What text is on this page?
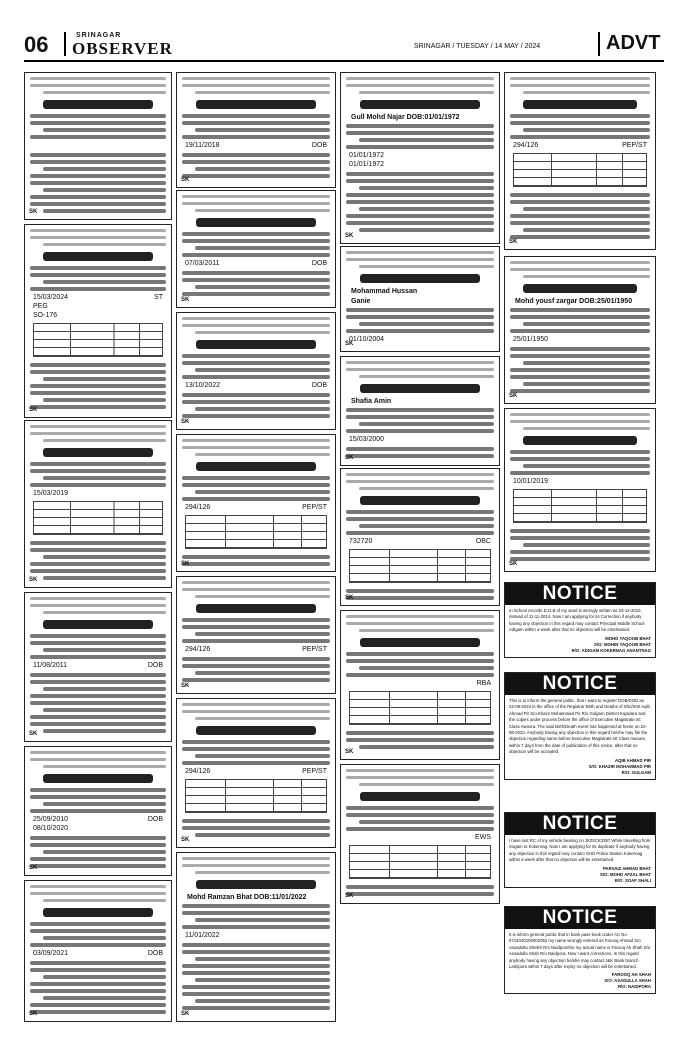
06	SRINAGAR
OBSERVER	SRINAGAR / TUESDAY / 14 MAY / 2024	ADVT
SK
DOB
19/11/2018
SK
Gull Mohd Najar DOB:01/01/1972
01/01/1972
01/01/1972
SK
PEP/ST
294/126
SK
ST
15/03/2024
PEG
SO-176
SK
DOB
07/03/2011
SK
Mohammad Hussan
Ganie
01/10/2004
SK
Mohd yousf zargar DOB:25/01/1950
25/01/1950
SK
DOB
13/10/2022
SK
Shafia Amin
15/03/2000
SK
10/01/2019
SK
15/03/2019
SK
PEP/ST
294/126
SK
OBC
732720
SK
DOB
11/08/2011
SK
PEP/ST
294/126
SK	RBA
SK
DOB
25/09/2010
08/10/2020
SK
PEP/ST
294/126
SK	EWS
SK
DOB
03/09/2021
SK
Mohd Ramzan Bhat DOB:11/01/2022
11/01/2022
SK
NOTICE
In School records D.O.B of my ward is wrongly written as 03-12-2015 instead of 11-11-2014. Now I am applying for its Correction if anybody having any objection in this regard may contact Principal Middle School Adigam within a week after that no objection will be entertained.
MOHD YAQOOB BHAT
S/O: MOHIN YAQOOB BHAT
R/O: ADIGAM KOKERNAG ANANTNAG
NOTICE
This is to inform the general public, that I want to register DOB/DOD as 22-08-2023 in the office of the Registrar Birth and Deaths of Shri/Smt Aqib Ahmad Pir S/o Khazir Mohammad Pir R/o Gulgam District Kupwara and the copies under process before the office of Executive Magistrate Ist Class Awoora. The said Birth/Death event has happened at home on 22-08-2023. Anybody having any objection in this regard he/she may file the objection regarding same before Executive Magistrate Ist Class Awoora within 7 days from the date of publication of this notice, after that no objection will be accepted.
AQIB AHMAD PIR
S/O: KHAZIR MOHAMMAD PIR
R/O: GULGAM
NOTICE
I have lost RC of my vehicle bearing no JK02CK3397 While travelling from Sogam to Kokernag. Now I am applying for its duplicate if anybody having any objection in this regard may contact SHO Police Station Kokernag within a week after that no objection will be entertained.
PARVAIZ AHMAD BHAT
S/O: MOHD AFZAL BHAT
R/O: SOAF SHALI
NOTICE
It is inform general public that in bank pass book under AC No 0714040100002052 my name wrongly entered as Farooq Ahmad S/o Assadulla Sheikh R/o Naidporeh/o my actual name is Farooq Ah Shah S/o Assadulla Shah R/o Naidpora. Now I want corrections. In this regard anybody having any objection he/she may contact J&K Bank branch Larkipora within 7 days after expiry no objection will be entertained.
FAROOQ AH SHAH
S/O: ASADULLA SHAH
R/O: NAIDPORA
